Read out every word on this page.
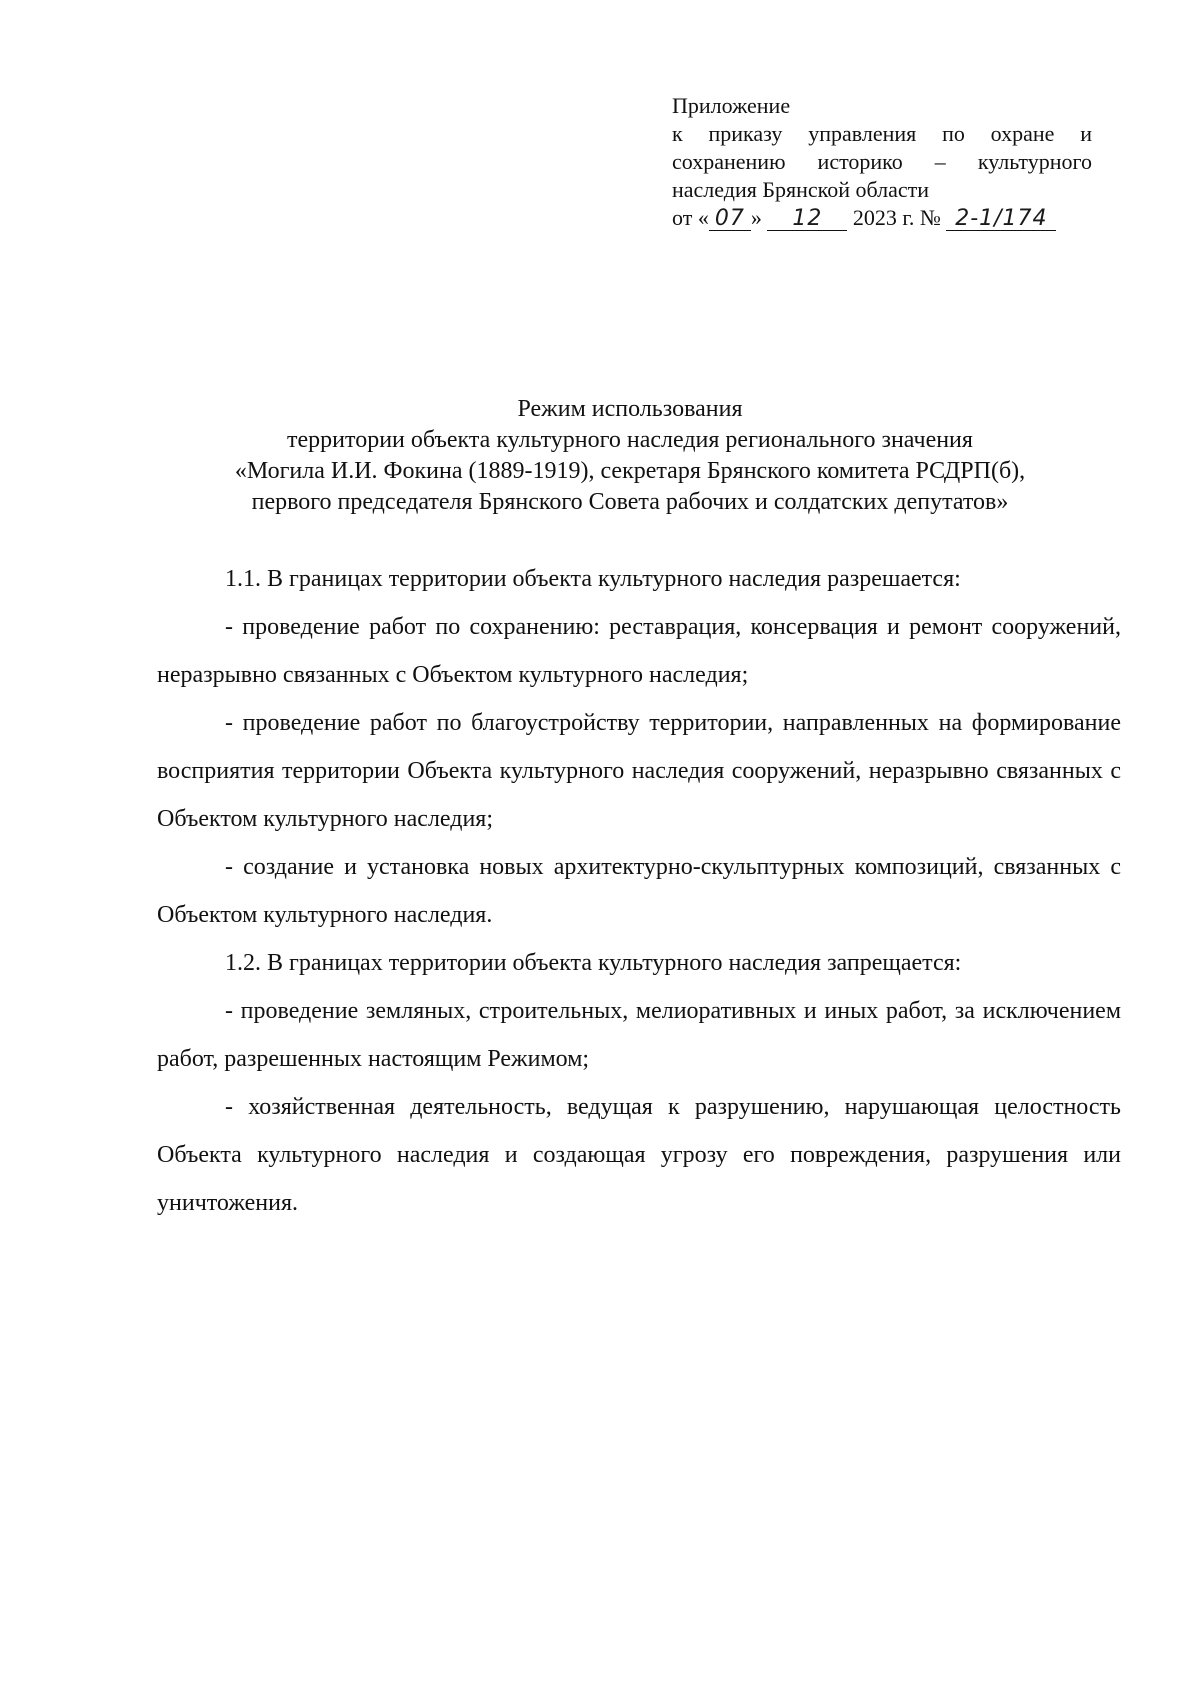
Приложение
к приказу управления по охране и сохранению историко – культурного
наследия Брянской области
от « 07 » 12 2023 г. № 2-1/174
Режим использования
территории объекта культурного наследия регионального значения
«Могила И.И. Фокина (1889-1919), секретаря Брянского комитета РСДРП(б),
первого председателя Брянского Совета рабочих и солдатских депутатов»

1.1. В границах территории объекта культурного наследия разрешается:

- проведение работ по сохранению: реставрация, консервация и ремонт сооружений, неразрывно связанных с Объектом культурного наследия;

- проведение работ по благоустройству территории, направленных на формирование восприятия территории Объекта культурного наследия сооружений, неразрывно связанных с Объектом культурного наследия;

- создание и установка новых архитектурно-скульптурных композиций, связанных с Объектом культурного наследия.

1.2. В границах территории объекта культурного наследия запрещается:

- проведение земляных, строительных, мелиоративных и иных работ, за исключением работ, разрешенных настоящим Режимом;

- хозяйственная деятельность, ведущая к разрушению, нарушающая целостность Объекта культурного наследия и создающая угрозу его повреждения, разрушения или уничтожения.
